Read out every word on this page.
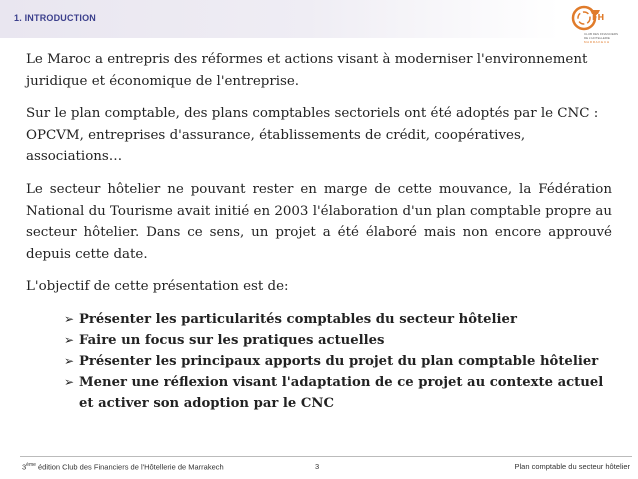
1. INTRODUCTION	FH
CLUB DES FINANCIERS
DE L'HOTELLERIE
M A R R A K E C H

Le Maroc a entrepris des réformes et actions visant à moderniser l'environnement juridique et économique de l'entreprise.

Sur le plan comptable, des plans comptables sectoriels ont été adoptés par le CNC : OPCVM, entreprises d'assurance, établissements de crédit, coopératives, associations…

Le secteur hôtelier ne pouvant rester en marge de cette mouvance, la Fédération National du Tourisme avait initié en 2003 l'élaboration d'un plan comptable propre au secteur hôtelier. Dans ce sens, un projet a été élaboré mais non encore approuvé depuis cette date.

L'objectif de cette présentation est de:

➢ Présenter les particularités comptables du secteur hôtelier
➢ Faire un focus sur les pratiques actuelles
➢ Présenter les principaux apports du projet du plan comptable hôtelier
➢ Mener une réflexion visant l'adaptation de ce projet au contexte actuel et activer son adoption par le CNC
3ème édition Club des Financiers de l'Hôtellerie de Marrakech	3	Plan comptable du secteur hôtelier
